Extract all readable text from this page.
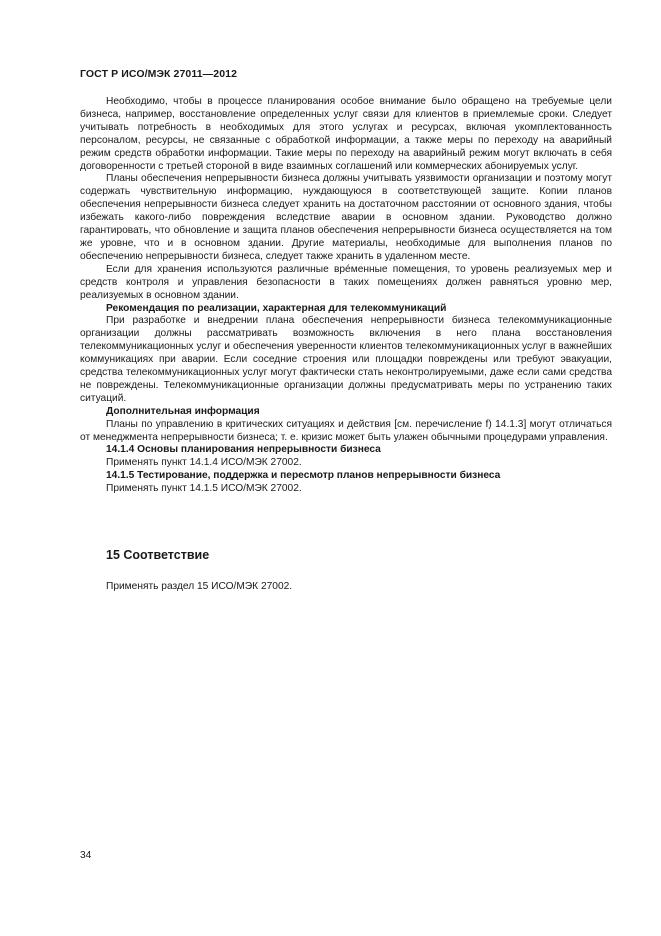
ГОСТ Р ИСО/МЭК 27011—2012

Необходимо, чтобы в процессе планирования особое внимание было обращено на требуемые цели бизнеса, например, восстановление определенных услуг связи для клиентов в приемлемые сроки. Следует учитывать потребность в необходимых для этого услугах и ресурсах, включая укомплектованность персоналом, ресурсы, не связанные с обработкой информации, а также меры по переходу на аварийный режим средств обработки информации. Такие меры по переходу на аварийный режим могут включать в себя договоренности с третьей стороной в виде взаимных соглашений или коммерческих абонируемых услуг.

Планы обеспечения непрерывности бизнеса должны учитывать уязвимости организации и поэтому могут содержать чувствительную информацию, нуждающуюся в соответствующей защите. Копии планов обеспечения непрерывности бизнеса следует хранить на достаточном расстоянии от основного здания, чтобы избежать какого-либо повреждения вследствие аварии в основном здании. Руководство должно гарантировать, что обновление и защита планов обеспечения непрерывности бизнеса осуществляется на том же уровне, что и в основном здании. Другие материалы, необходимые для выполнения планов по обеспечению непрерывности бизнеса, следует также хранить в удаленном месте.

Если для хранения используются различные врéменные помещения, то уровень реализуемых мер и средств контроля и управления безопасности в таких помещениях должен равняться уровню мер, реализуемых в основном здании.

Рекомендация по реализации, характерная для телекоммуникаций

При разработке и внедрении плана обеспечения непрерывности бизнеса телекоммуникационные организации должны рассматривать возможность включения в него плана восстановления телекоммуникационных услуг и обеспечения уверенности клиентов телекоммуникационных услуг в важнейших коммуникациях при аварии. Если соседние строения или площадки повреждены или требуют эвакуации, средства телекоммуникационных услуг могут фактически стать неконтролируемыми, даже если сами средства не повреждены. Телекоммуникационные организации должны предусматривать меры по устранению таких ситуаций.

Дополнительная информация

Планы по управлению в критических ситуациях и действия [см. перечисление f) 14.1.3] могут отличаться от менеджмента непрерывности бизнеса; т. е. кризис может быть улажен обычными процедурами управления.

14.1.4 Основы планирования непрерывности бизнеса
Применять пункт 14.1.4 ИСО/МЭК 27002.
14.1.5 Тестирование, поддержка и пересмотр планов непрерывности бизнеса
Применять пункт 14.1.5 ИСО/МЭК 27002.
15 Соответствие
Применять раздел 15 ИСО/МЭК 27002.
34
